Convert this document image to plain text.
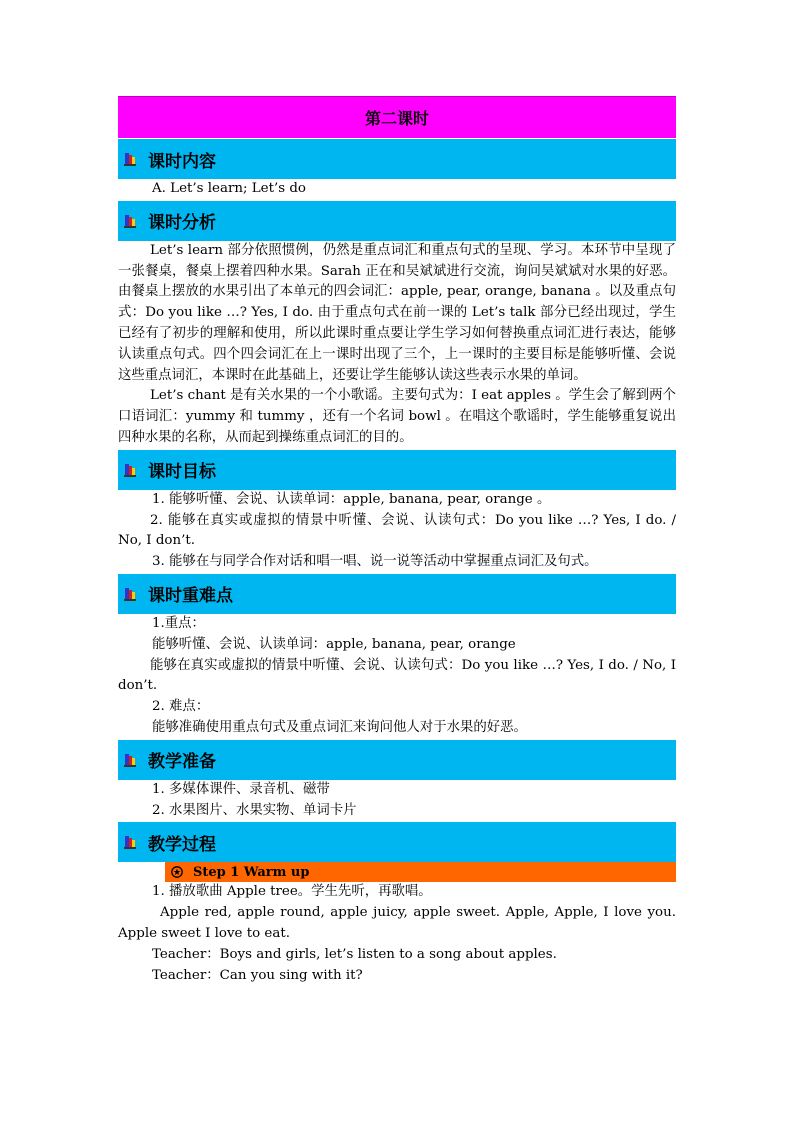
第二课时
课时内容

A. Let’s learn; Let’s do

课时分析

Let’s learn 部分依照惯例，仍然是重点词汇和重点句式的呈现、学习。本环节中呈现了一张餐桌，餐桌上摆着四种水果。Sarah 正在和吴斌斌进行交流，询问吴斌斌对水果的好恶。由餐桌上摆放的水果引出了本单元的四会词汇：apple, pear, orange, banana 。以及重点句式：Do you like …? Yes, I do. 由于重点句式在前一课的 Let’s talk 部分已经出现过，学生已经有了初步的理解和使用，所以此课时重点要让学生学习如何替换重点词汇进行表达，能够认读重点句式。四个四会词汇在上一课时出现了三个，上一课时的主要目标是能够听懂、会说这些重点词汇，本课时在此基础上，还要让学生能够认读这些表示水果的单词。

Let’s chant 是有关水果的一个小歌谣。主要句式为：I eat apples 。学生会了解到两个口语词汇：yummy 和 tummy ，还有一个名词 bowl 。在唱这个歌谣时，学生能够重复说出四种水果的名称，从而起到操练重点词汇的目的。

课时目标

1. 能够听懂、会说、认读单词：apple, banana, pear, orange 。

2. 能够在真实或虚拟的情景中听懂、会说、认读句式：Do you like …? Yes, I do. / No, I don’t.

3. 能够在与同学合作对话和唱一唱、说一说等活动中掌握重点词汇及句式。

课时重难点

1.重点：

能够听懂、会说、认读单词：apple, banana, pear, orange

能够在真实或虚拟的情景中听懂、会说、认读句式：Do you like …? Yes, I do. / No, I don’t.

2. 难点：

能够准确使用重点句式及重点词汇来询问他人对于水果的好恶。

教学准备

1. 多媒体课件、录音机、磁带

2. 水果图片、水果实物、单词卡片

教学过程
Step 1 Warm up

1. 播放歌曲 Apple tree。学生先听，再歌唱。

Apple red, apple round, apple juicy, apple sweet. Apple, Apple, I love you. Apple sweet I love to eat.

Teacher：Boys and girls, let’s listen to a song about apples.

Teacher：Can you sing with it?
